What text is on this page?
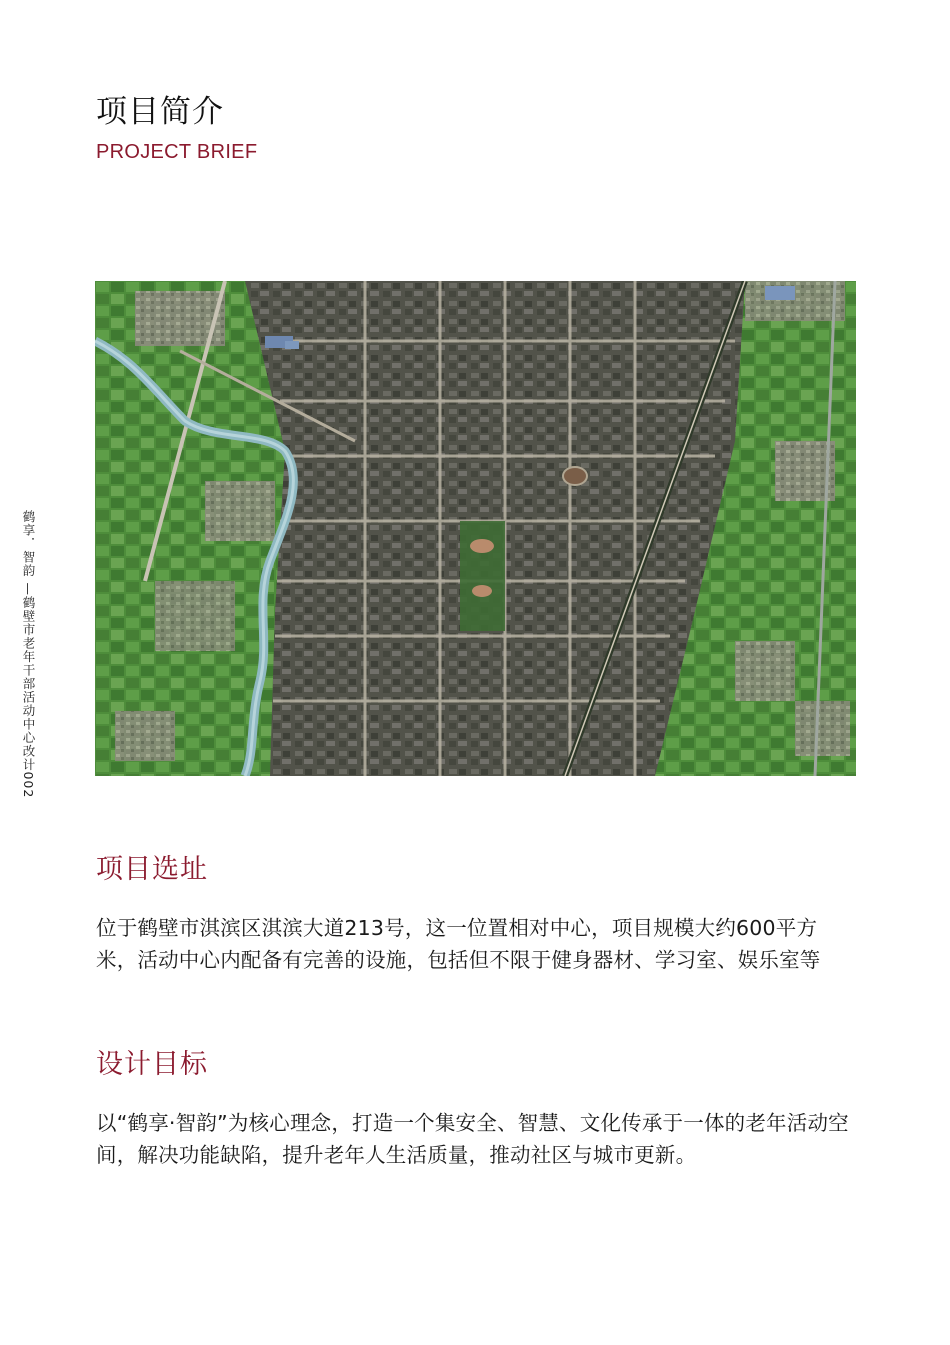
项目简介
PROJECT BRIEF
鹤享．智韵 —鹤壁市老年干部活动中心改计002
项目选址

位于鹤壁市淇滨区淇滨大道213号，这一位置相对中心，项目规模大约600平方米，活动中心内配备有完善的设施，包括但不限于健身器材、学习室、娱乐室等

设计目标

以“鹤享·智韵”为核心理念，打造一个集安全、智慧、文化传承于一体的老年活动空间，解决功能缺陷，提升老年人生活质量，推动社区与城市更新。
